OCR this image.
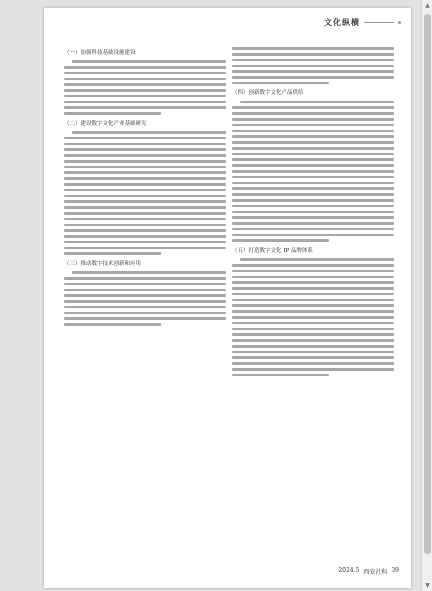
文化纵横
（一）加强科技基础设施建设
（二）建设数字文化产业基础研究
（三）推动数字技术创新和应用
（四）创新数字文化产品供给
（五）打造数字文化 IP 品牌体系
2024.5 西安社科 39
▲
▼
